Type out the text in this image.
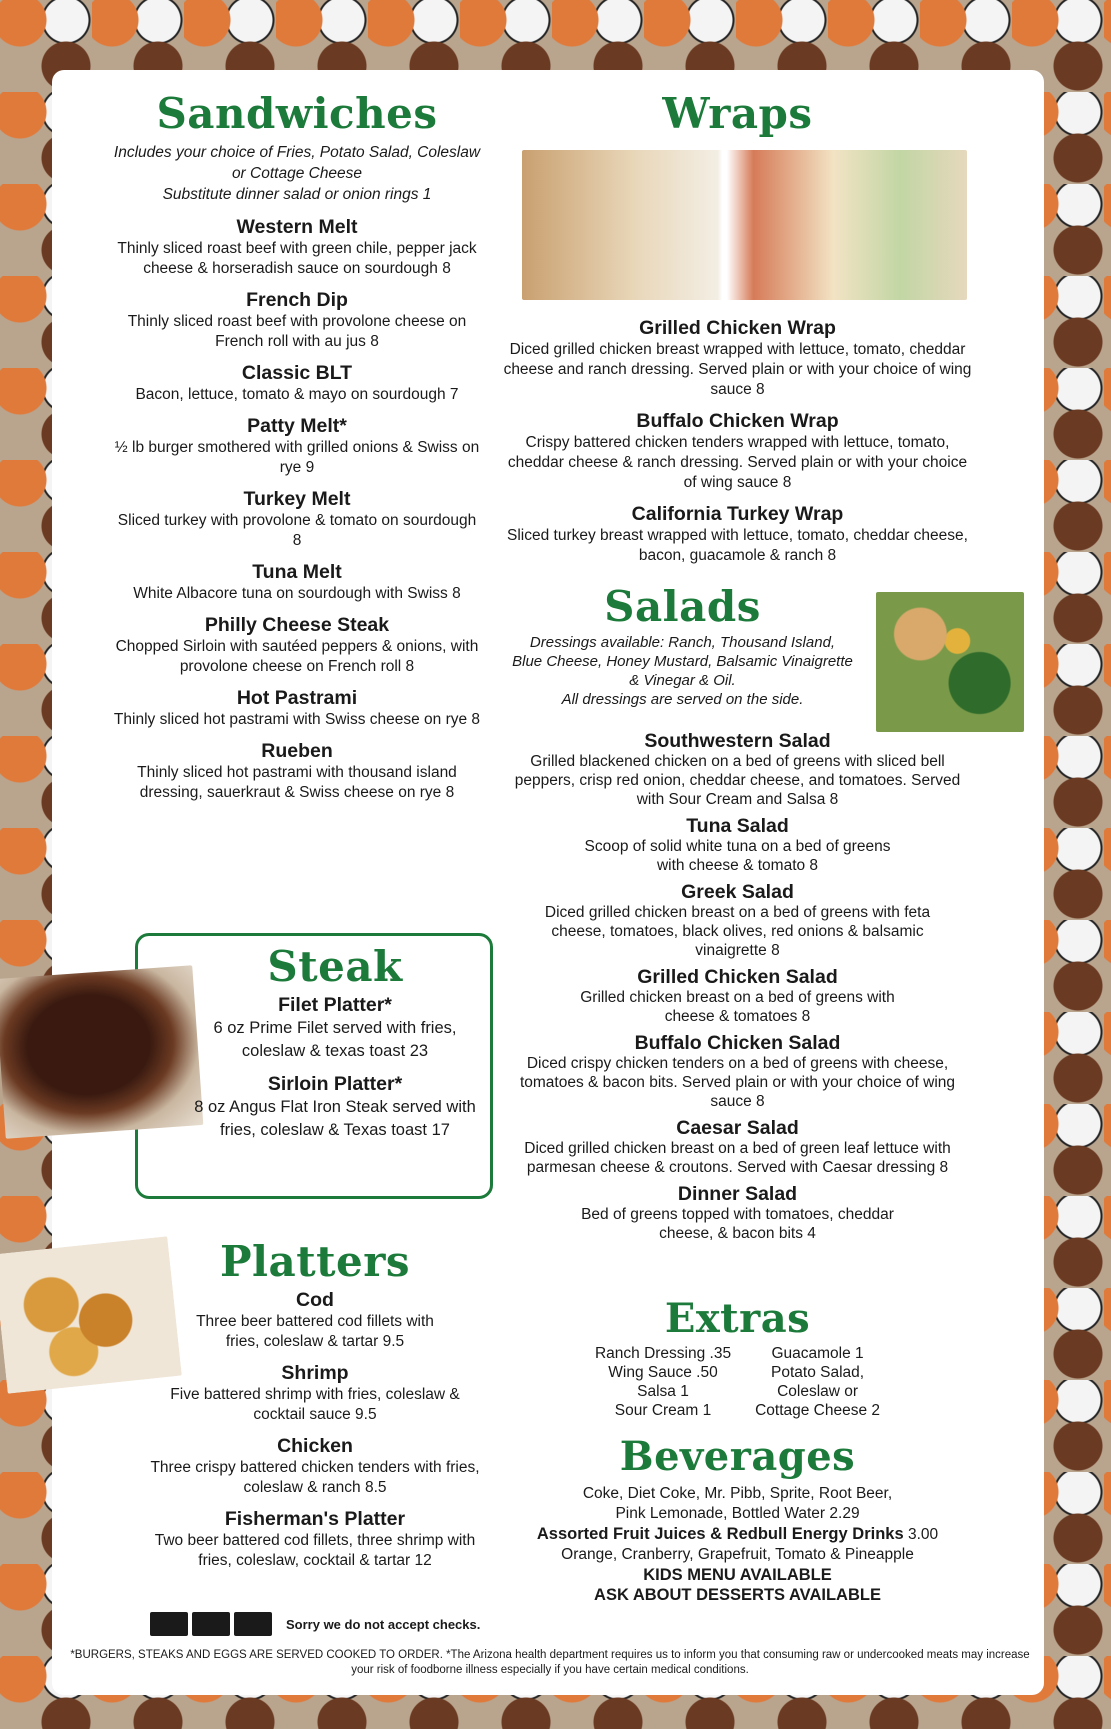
Sandwiches
Includes your choice of Fries, Potato Salad, Coleslaw
or Cottage Cheese
Substitute dinner salad or onion rings 1
Western Melt
Thinly sliced roast beef with green chile, pepper jack cheese & horseradish sauce on sourdough 8
French Dip
Thinly sliced roast beef with provolone cheese on French roll with au jus 8
Classic BLT
Bacon, lettuce, tomato & mayo on sourdough 7
Patty Melt*
½ lb burger smothered with grilled onions & Swiss on rye 9
Turkey Melt
Sliced turkey with provolone & tomato on sourdough 8
Tuna Melt
White Albacore tuna on sourdough with Swiss 8
Philly Cheese Steak
Chopped Sirloin with sautéed peppers & onions, with provolone cheese on French roll 8
Hot Pastrami
Thinly sliced hot pastrami with Swiss cheese on rye 8
Rueben
Thinly sliced hot pastrami with thousand island dressing, sauerkraut & Swiss cheese on rye 8
Steak
Filet Platter*
6 oz Prime Filet served with fries, coleslaw & texas toast 23
Sirloin Platter*
8 oz Angus Flat Iron Steak served with fries, coleslaw & Texas toast 17
Platters
Cod
Three beer battered cod fillets with fries, coleslaw & tartar 9.5
Shrimp
Five battered shrimp with fries, coleslaw & cocktail sauce 9.5
Chicken
Three crispy battered chicken tenders with fries, coleslaw & ranch 8.5
Fisherman's Platter
Two beer battered cod fillets, three shrimp with fries, coleslaw, cocktail & tartar 12
Wraps
Grilled Chicken Wrap
Diced grilled chicken breast wrapped with lettuce, tomato, cheddar cheese and ranch dressing. Served plain or with your choice of wing sauce 8
Buffalo Chicken Wrap
Crispy battered chicken tenders wrapped with lettuce, tomato, cheddar cheese & ranch dressing. Served plain or with your choice of wing sauce 8
California Turkey Wrap
Sliced turkey breast wrapped with lettuce, tomato, cheddar cheese, bacon, guacamole & ranch 8
Salads
Dressings available: Ranch, Thousand Island,
Blue Cheese, Honey Mustard, Balsamic Vinaigrette
& Vinegar & Oil.
All dressings are served on the side.
Southwestern Salad
Grilled blackened chicken on a bed of greens with sliced bell peppers, crisp red onion, cheddar cheese, and tomatoes. Served with Sour Cream and Salsa 8
Tuna Salad
Scoop of solid white tuna on a bed of greens with cheese & tomato 8
Greek Salad
Diced grilled chicken breast on a bed of greens with feta cheese, tomatoes, black olives, red onions & balsamic vinaigrette 8
Grilled Chicken Salad
Grilled chicken breast on a bed of greens with cheese & tomatoes 8
Buffalo Chicken Salad
Diced crispy chicken tenders on a bed of greens with cheese, tomatoes & bacon bits. Served plain or with your choice of wing sauce 8
Caesar Salad
Diced grilled chicken breast on a bed of green leaf lettuce with parmesan cheese & croutons. Served with Caesar dressing 8
Dinner Salad
Bed of greens topped with tomatoes, cheddar cheese, & bacon bits 4
Extras
Ranch Dressing .35
Wing Sauce .50
Salsa 1
Sour Cream 1
Guacamole 1
Potato Salad,
Coleslaw or
Cottage Cheese 2
Beverages
Coke, Diet Coke, Mr. Pibb, Sprite, Root Beer,
Pink Lemonade, Bottled Water 2.29
Assorted Fruit Juices & Redbull Energy Drinks 3.00
Orange, Cranberry, Grapefruit, Tomato & Pineapple
KIDS MENU AVAILABLE
ASK ABOUT DESSERTS AVAILABLE
Sorry we do not accept checks.
*BURGERS, STEAKS AND EGGS ARE SERVED COOKED TO ORDER. *The Arizona health department requires us to inform you that consuming raw or undercooked meats may increase your risk of foodborne illness especially if you have certain medical conditions.
